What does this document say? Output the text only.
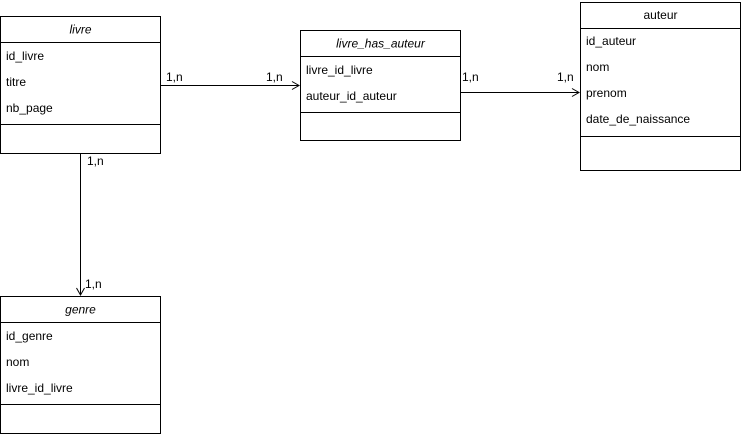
livre
id_livre
titre
nb_page
livre_has_auteur
livre_id_livre
auteur_id_auteur
auteur
id_auteur
nom
prenom
date_de_naissance
genre
id_genre
nom
livre_id_livre
1,n	1,n	1,n	1,n
1,n
1,n
